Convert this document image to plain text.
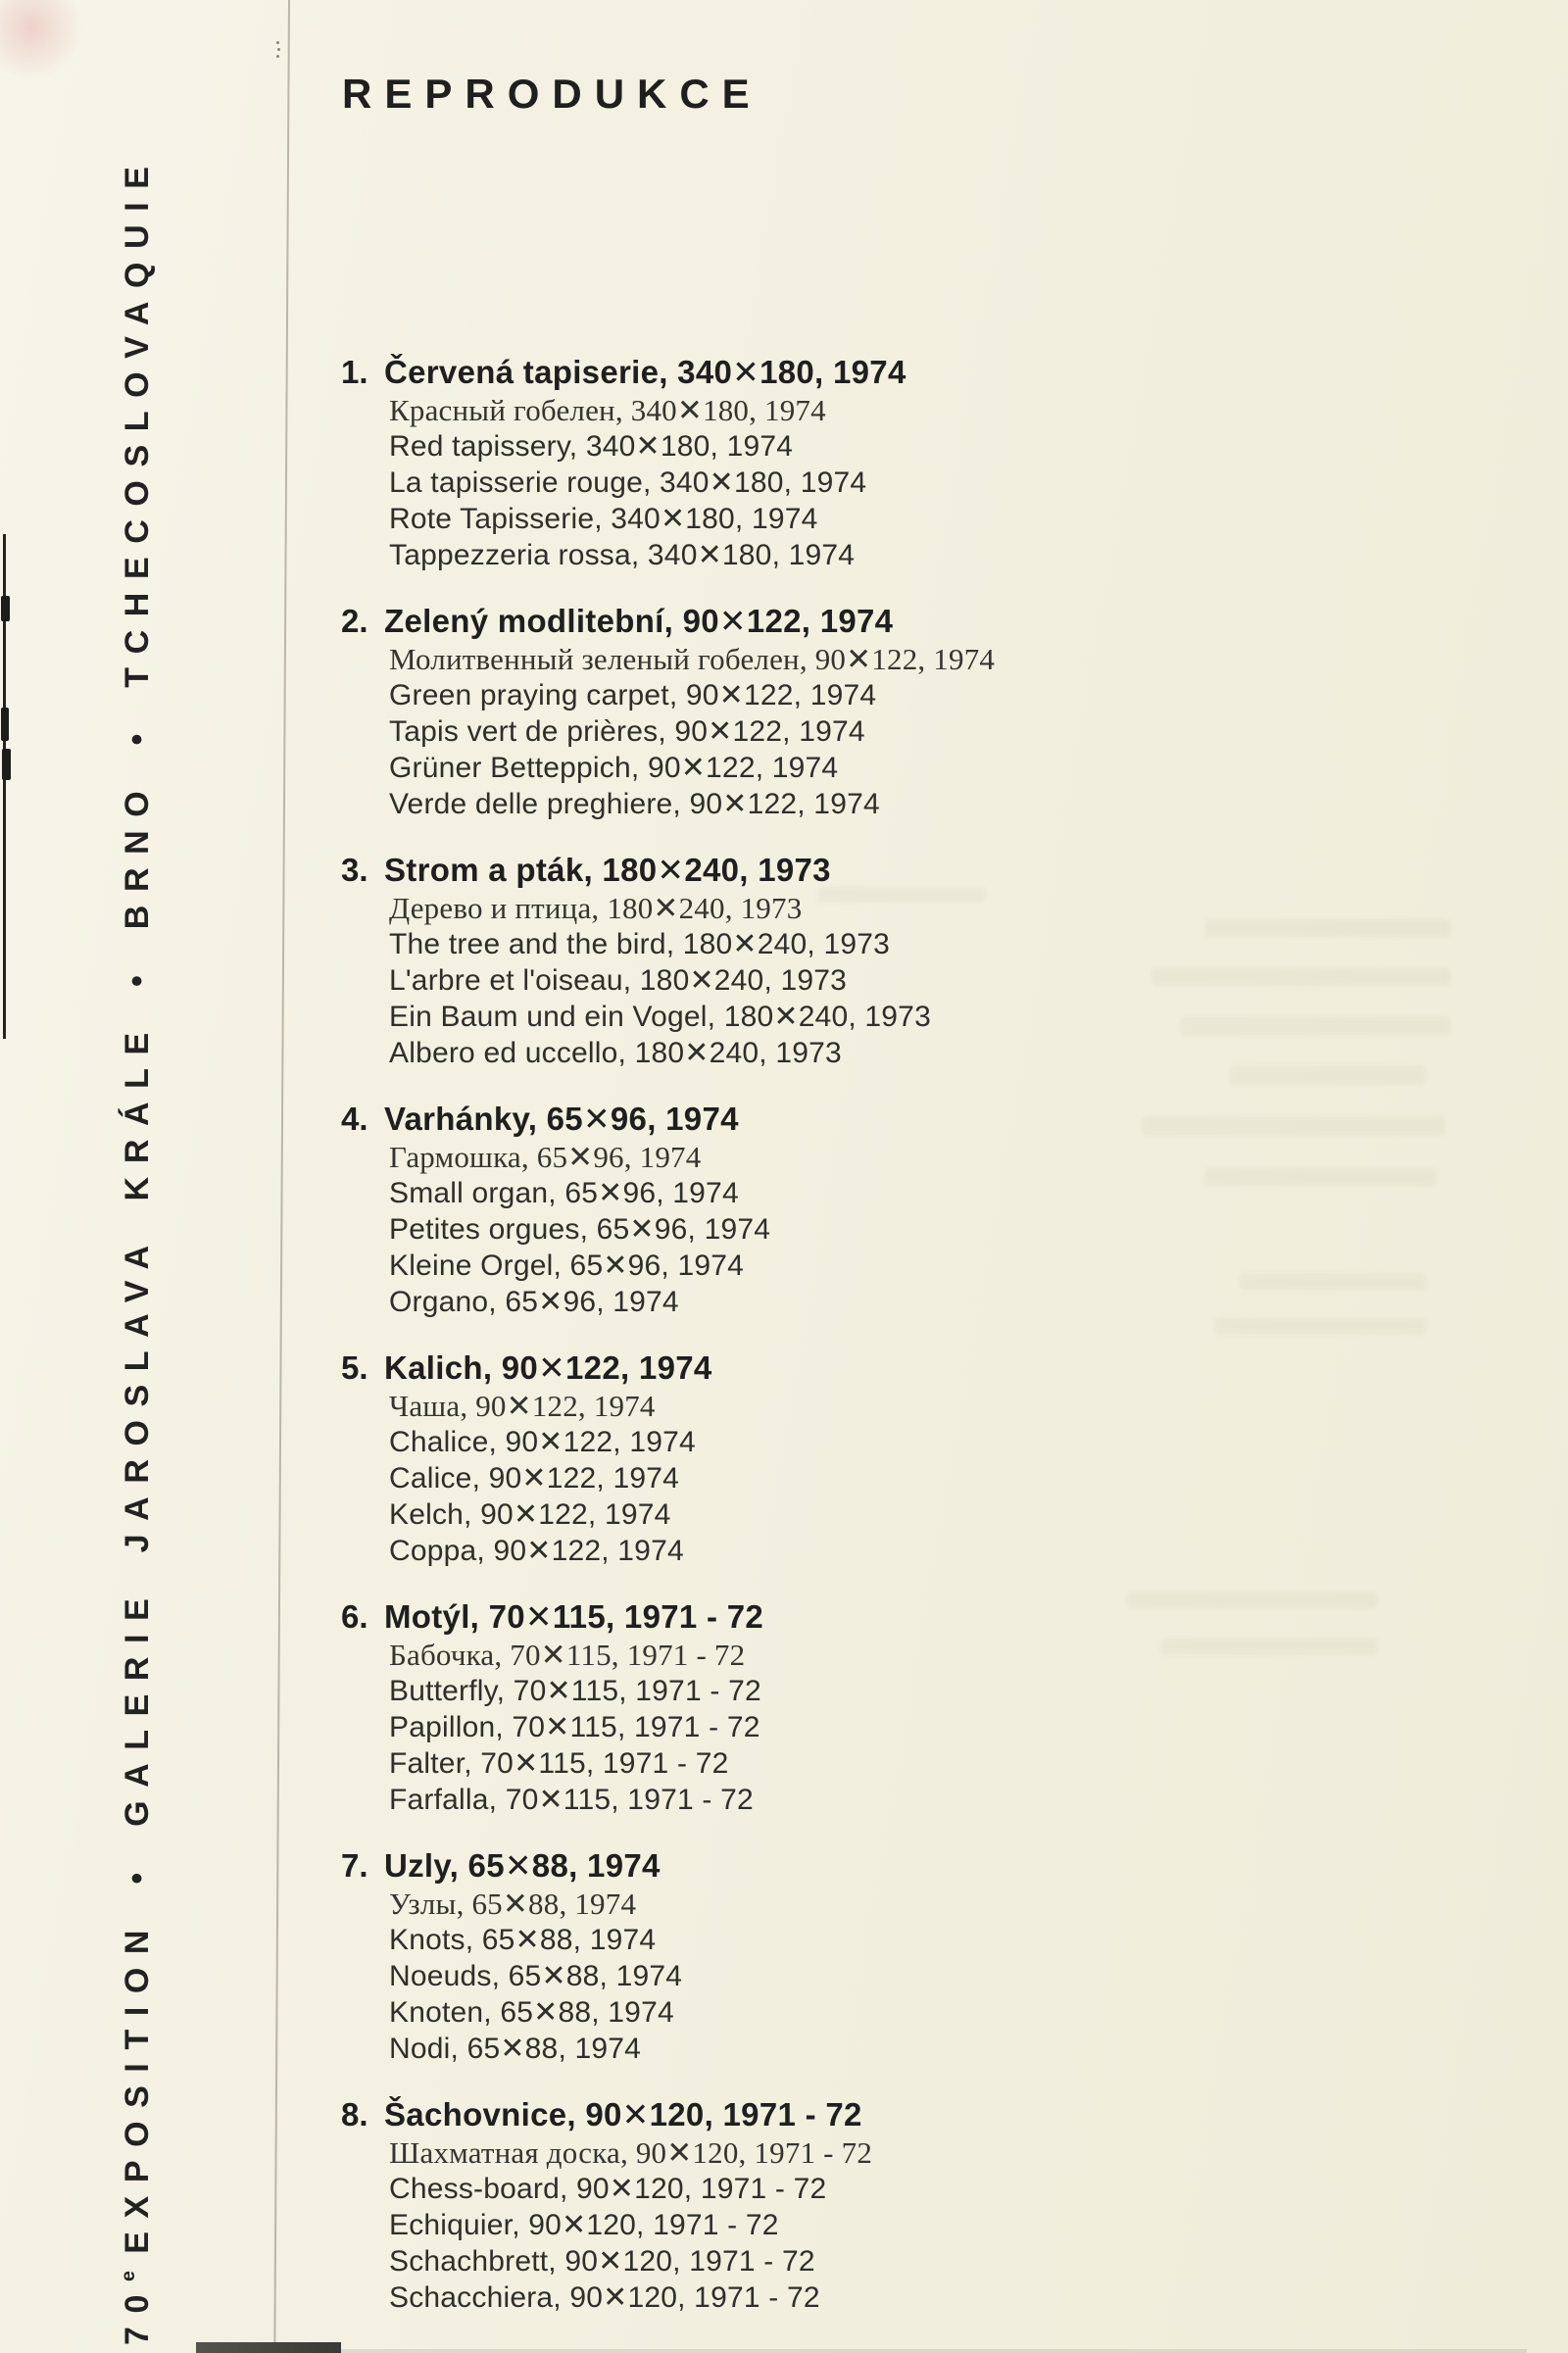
70eEXPOSITION • GALERIE JAROSLAVA KRÁLE • BRNO • TCHECOSLOVAQUIE
REPRODUKCE
1. Červená tapiserie, 340✕180, 1974
Красный гобелен, 340✕180, 1974
Red tapissery, 340✕180, 1974
La tapisserie rouge, 340✕180, 1974
Rote Tapisserie, 340✕180, 1974
Tappezzeria rossa, 340✕180, 1974
2. Zelený modlitební, 90✕122, 1974
Молитвенный зеленый гобелен, 90✕122, 1974
Green praying carpet, 90✕122, 1974
Tapis vert de prières, 90✕122, 1974
Grüner Betteppich, 90✕122, 1974
Verde delle preghiere, 90✕122, 1974
3. Strom a pták, 180✕240, 1973
Дерево и птица, 180✕240, 1973
The tree and the bird, 180✕240, 1973
L'arbre et l'oiseau, 180✕240, 1973
Ein Baum und ein Vogel, 180✕240, 1973
Albero ed uccello, 180✕240, 1973
4. Varhánky, 65✕96, 1974
Гармошка, 65✕96, 1974
Small organ, 65✕96, 1974
Petites orgues, 65✕96, 1974
Kleine Orgel, 65✕96, 1974
Organo, 65✕96, 1974
5. Kalich, 90✕122, 1974
Чаша, 90✕122, 1974
Chalice, 90✕122, 1974
Calice, 90✕122, 1974
Kelch, 90✕122, 1974
Coppa, 90✕122, 1974
6. Motýl, 70✕115, 1971 - 72
Бабочка, 70✕115, 1971 - 72
Butterfly, 70✕115, 1971 - 72
Papillon, 70✕115, 1971 - 72
Falter, 70✕115, 1971 - 72
Farfalla, 70✕115, 1971 - 72
7. Uzly, 65✕88, 1974
Узлы, 65✕88, 1974
Knots, 65✕88, 1974
Noeuds, 65✕88, 1974
Knoten, 65✕88, 1974
Nodi, 65✕88, 1974
8. Šachovnice, 90✕120, 1971 - 72
Шахматная доска, 90✕120, 1971 - 72
Chess-board, 90✕120, 1971 - 72
Echiquier, 90✕120, 1971 - 72
Schachbrett, 90✕120, 1971 - 72
Schacchiera, 90✕120, 1971 - 72
